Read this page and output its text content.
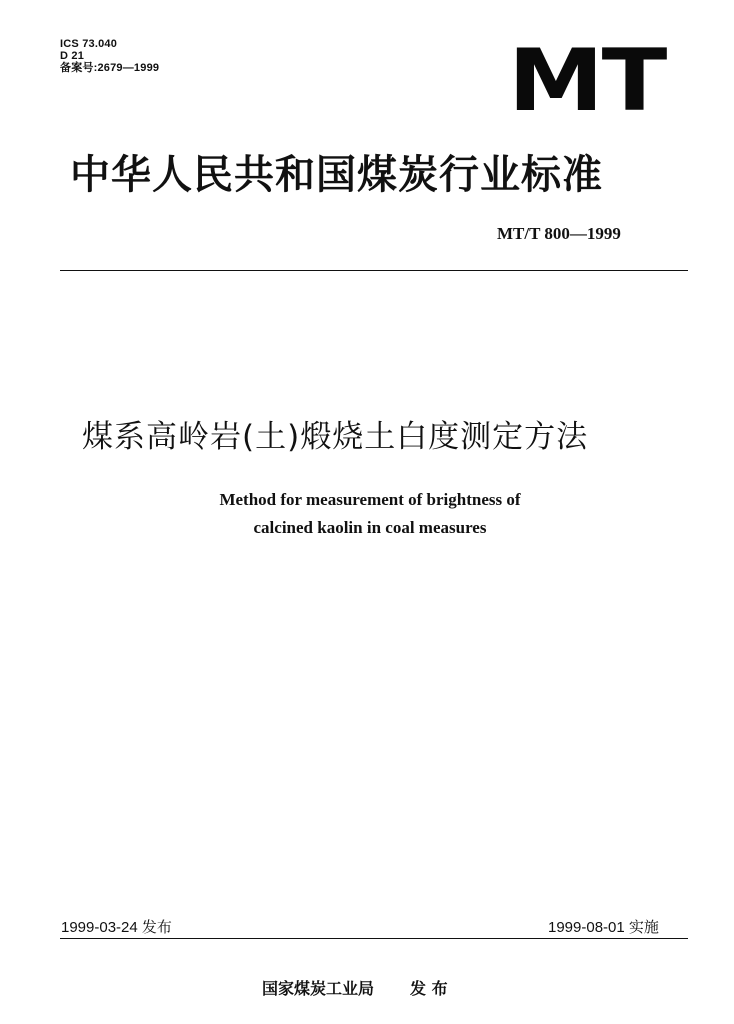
ICS 73.040
D 21
备案号:2679—1999	MT
中华人民共和国煤炭行业标准
MT/T 800—1999
煤系高岭岩(土)煅烧土白度测定方法
Method for measurement of brightness of
calcined kaolin in coal measures
1999-03-24 发布	1999-08-01 实施
国家煤炭工业局 发 布
